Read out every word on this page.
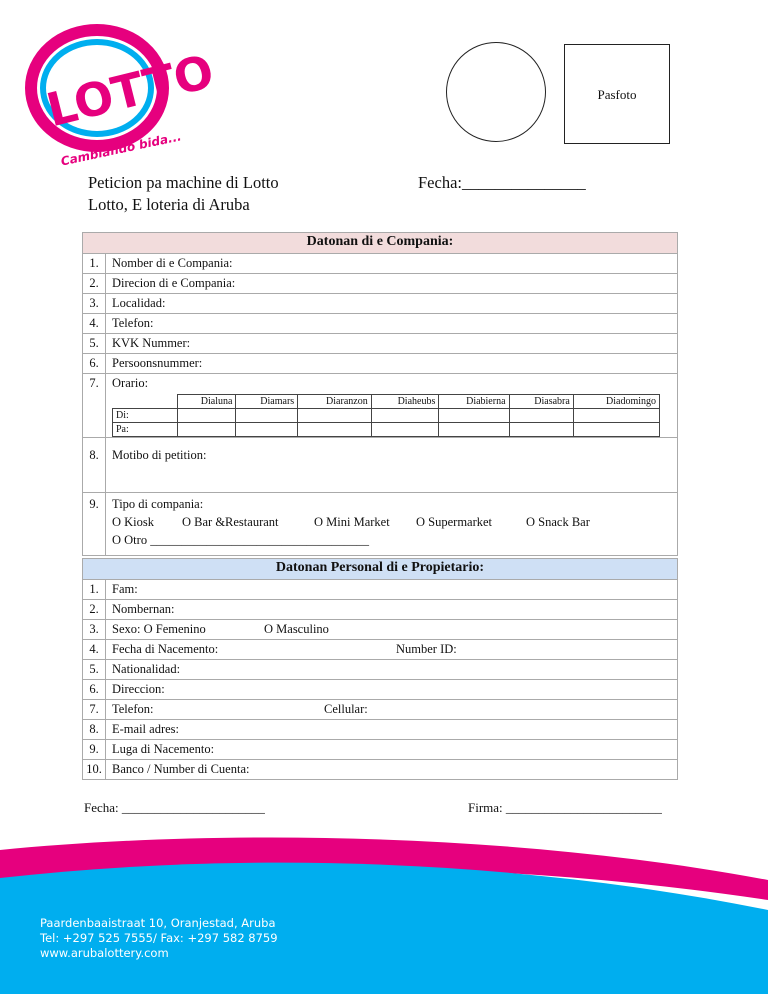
LOTTO
Cambiando bida...
Pasfoto
Peticion pa machine di Lotto
Lotto, E loteria di Aruba
Fecha:_______________
Datonan di e Compania:
1.	Nomber di e Compania:
2.	Direcion di e Compania:
3.	Localidad:
4.	Telefon:
5.	KVK Nummer:
6.	Persoonsnummer:
7.	Orario:
	Dialuna	Diamars	Diaranzon	Diaheubs	Diabierna	Diasabra	Diadomingo
Di:							
Pa:							

8.	Motibo di petition:
9.	Tipo di compania:
O Kiosk O Bar &Restaurant	O Mini Market O Supermarket	O Snack Bar
O Otro ___________________________________
Datonan Personal di e Propietario:	
1.	Fam:
2.	Nombernan:
3.	Sexo: O Femenino O Masculino

4.	Fecha di Nacemento: Number ID:

5.	Nationalidad:
6.	Direccion:
7.	Telefon: Cellular:

8.	E-mail adres:
9.	Luga di Nacemento:
10.	Banco / Number di Cuenta:
Fecha: ______________________	Firma: ________________________
Paardenbaaistraat 10, Oranjestad, Aruba
Tel: +297 525 7555/ Fax: +297 582 8759
www.arubalottery.com
